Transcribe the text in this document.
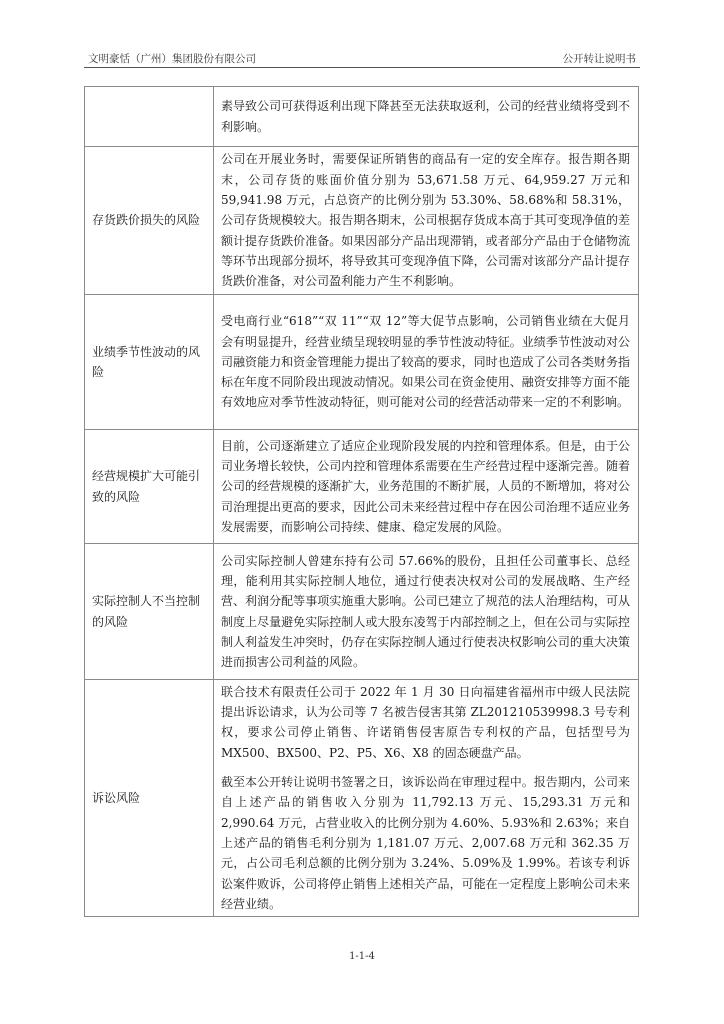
文明豪恬（广州）集团股份有限公司	公开转让说明书

	素导致公司可获得返利出现下降甚至无法获取返利，公司的经营业绩将受到不利影响。

存货跌价损失的风险	公司在开展业务时，需要保证所销售的商品有一定的安全库存。报告期各期末，公司存货的账面价值分别为 53,671.58 万元、64,959.27 万元和 59,941.98 万元，占总资产的比例分别为 53.30%、58.68%和 58.31%，公司存货规模较大。报告期各期末，公司根据存货成本高于其可变现净值的差额计提存货跌价准备。如果因部分产品出现滞销，或者部分产品由于仓储物流等环节出现部分损坏，将导致其可变现净值下降，公司需对该部分产品计提存货跌价准备，对公司盈利能力产生不利影响。

业绩季节性波动的风险	受电商行业“618”“双 11”“双 12”等大促节点影响，公司销售业绩在大促月会有明显提升，经营业绩呈现较明显的季节性波动特征。业绩季节性波动对公司融资能力和资金管理能力提出了较高的要求，同时也造成了公司各类财务指标在年度不同阶段出现波动情况。如果公司在资金使用、融资安排等方面不能有效地应对季节性波动特征，则可能对公司的经营活动带来一定的不利影响。

经营规模扩大可能引致的风险	目前，公司逐渐建立了适应企业现阶段发展的内控和管理体系。但是，由于公司业务增长较快，公司内控和管理体系需要在生产经营过程中逐渐完善。随着公司的经营规模的逐渐扩大，业务范围的不断扩展，人员的不断增加，将对公司治理提出更高的要求，因此公司未来经营过程中存在因公司治理不适应业务发展需要，而影响公司持续、健康、稳定发展的风险。

实际控制人不当控制的风险	公司实际控制人曾建东持有公司 57.66%的股份，且担任公司董事长、总经理，能利用其实际控制人地位，通过行使表决权对公司的发展战略、生产经营、利润分配等事项实施重大影响。公司已建立了规范的法人治理结构，可从制度上尽量避免实际控制人或大股东凌驾于内部控制之上，但在公司与实际控制人利益发生冲突时，仍存在实际控制人通过行使表决权影响公司的重大决策进而损害公司利益的风险。

诉讼风险	联合技术有限责任公司于 2022 年 1 月 30 日向福建省福州市中级人民法院提出诉讼请求，认为公司等 7 名被告侵害其第 ZL201210539998.3 号专利权，要求公司停止销售、许诺销售侵害原告专利权的产品，包括型号为 MX500、BX500、P2、P5、X6、X8 的固态硬盘产品。

截至本公开转让说明书签署之日，该诉讼尚在审理过程中。报告期内，公司来自上述产品的销售收入分别为 11,792.13 万元、15,293.31 万元和 2,990.64 万元，占营业收入的比例分别为 4.60%、5.93%和 2.63%；来自上述产品的销售毛利分别为 1,181.07 万元、2,007.68 万元和 362.35 万元，占公司毛利总额的比例分别为 3.24%、5.09%及 1.99%。若该专利诉讼案件败诉，公司将停止销售上述相关产品，可能在一定程度上影响公司未来经营业绩。

1-1-4
